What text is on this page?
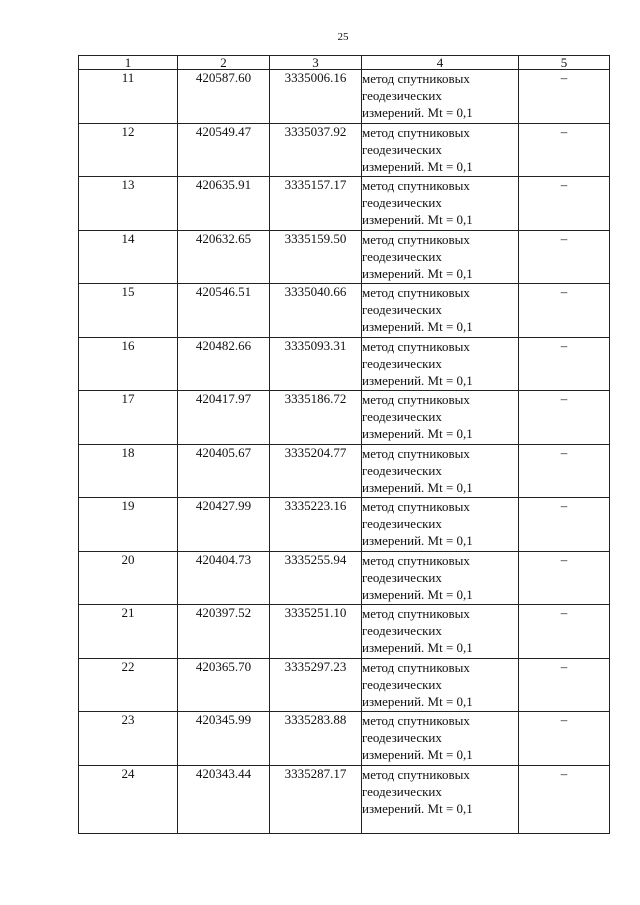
25
1	2	3	4	5
11	420587.60	3335006.16	метод спутниковых
геодезических
измерений. Mt = 0,1	–
12	420549.47	3335037.92	метод спутниковых
геодезических
измерений. Mt = 0,1	–
13	420635.91	3335157.17	метод спутниковых
геодезических
измерений. Mt = 0,1	–
14	420632.65	3335159.50	метод спутниковых
геодезических
измерений. Mt = 0,1	–
15	420546.51	3335040.66	метод спутниковых
геодезических
измерений. Mt = 0,1	–
16	420482.66	3335093.31	метод спутниковых
геодезических
измерений. Mt = 0,1	–
17	420417.97	3335186.72	метод спутниковых
геодезических
измерений. Mt = 0,1	–
18	420405.67	3335204.77	метод спутниковых
геодезических
измерений. Mt = 0,1	–
19	420427.99	3335223.16	метод спутниковых
геодезических
измерений. Mt = 0,1	–
20	420404.73	3335255.94	метод спутниковых
геодезических
измерений. Mt = 0,1	–
21	420397.52	3335251.10	метод спутниковых
геодезических
измерений. Mt = 0,1	–
22	420365.70	3335297.23	метод спутниковых
геодезических
измерений. Mt = 0,1	–
23	420345.99	3335283.88	метод спутниковых
геодезических
измерений. Mt = 0,1	–
24	420343.44	3335287.17	метод спутниковых
геодезических
измерений. Mt = 0,1	–
